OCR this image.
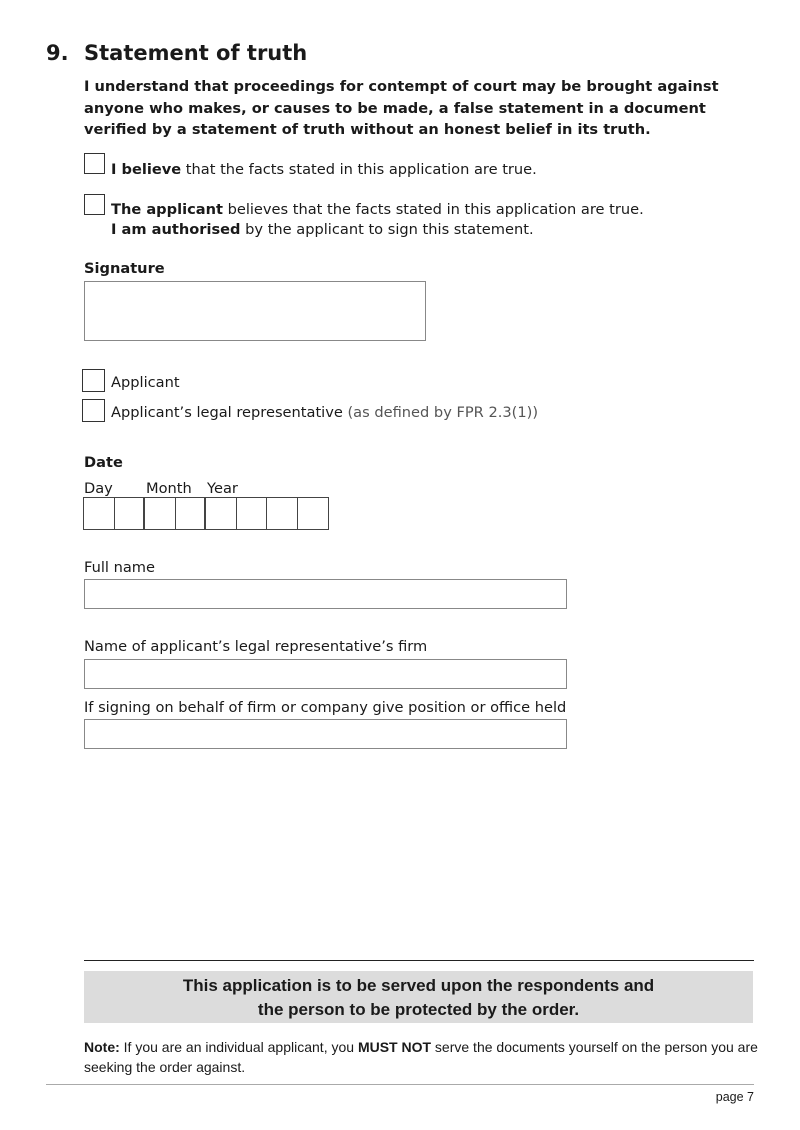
9. Statement of truth
I understand that proceedings for contempt of court may be brought against anyone who makes, or causes to be made, a false statement in a document verified by a statement of truth without an honest belief in its truth.
I believe that the facts stated in this application are true.
The applicant believes that the facts stated in this application are true.
I am authorised by the applicant to sign this statement.
Signature
Applicant
Applicant’s legal representative (as defined by FPR 2.3(1))
Date
Day Month Year
Full name
Name of applicant’s legal representative’s firm
If signing on behalf of firm or company give position or office held
This application is to be served upon the respondents and
the person to be protected by the order.
Note: If you are an individual applicant, you MUST NOT serve the documents yourself on the person you are seeking the order against.
page 7
